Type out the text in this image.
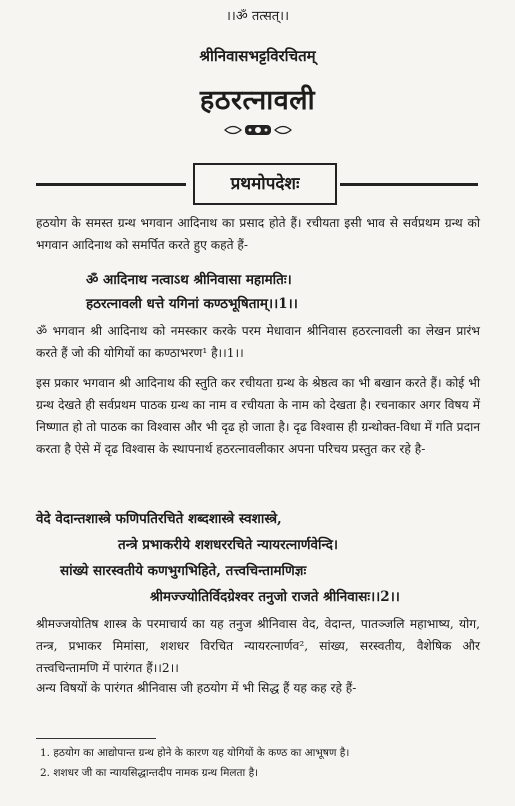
।।ॐ तत्सत्।।
श्रीनिवासभट्टविरचितम्
हठरत्नावली
प्रथमोपदेशः
हठयोग के समस्त ग्रन्थ भगवान आदिनाथ का प्रसाद होते हैं। रचीयता इसी भाव से सर्वप्रथम ग्रन्थ को भगवान आदिनाथ को समर्पित करते हुए कहते हैं-
ॐ आदिनाथ नत्वाऽथ श्रीनिवासा महामतिः।
हठरत्नावली धत्ते यगिनां कण्ठभूषिताम्।।1।।
ॐ भगवान श्री आदिनाथ को नमस्कार करके परम मेधावान श्रीनिवास हठरत्नावली का लेखन प्रारंभ करते हैं जो की योगियों का कण्ठाभरण¹ है।।1।।
इस प्रकार भगवान श्री आदिनाथ की स्तुति कर रचीयता ग्रन्थ के श्रेष्ठत्व का भी बखान करते हैं। कोई भी ग्रन्थ देखते ही सर्वप्रथम पाठक ग्रन्थ का नाम व रचीयता के नाम को देखता है। रचनाकार अगर विषय में निष्णात हो तो पाठक का विश्वास और भी दृढ हो जाता है। दृढ विश्वास ही ग्रन्थोक्त-विधा में गति प्रदान करता है ऐसे में दृढ विश्वास के स्थापनार्थ हठरत्नावलीकार अपना परिचय प्रस्तुत कर रहे है-
वेदे वेदान्तशास्त्रे फणिपतिरचिते शब्दशास्त्रे स्वशास्त्रे,
तन्त्रे प्रभाकरीये शशधररचिते न्यायरत्नार्णवेन्दि।
सांख्ये सारस्वतीये कणभुगभिहिते, तत्त्वचिन्तामणिज्ञः
श्रीमज्ज्योतिर्विदग्रेश्वर तनुजो राजते श्रीनिवासः।।2।।
श्रीमज्जयोतिष शास्त्र के परमाचार्य का यह तनुज श्रीनिवास वेद, वेदान्त, पातञ्जलि महाभाष्य, योग, तन्त्र, प्रभाकर मिमांसा, शशधर विरचित न्यायरत्नार्णव², सांख्य, सरस्वतीय, वैशेषिक और तत्त्वचिन्तामणि में पारंगत हैं।।2।।
अन्य विषयों के पारंगत श्रीनिवास जी हठयोग में भी सिद्ध हैं यह कह रहे हैं-
1. हठयोग का आद्योपान्त ग्रन्थ होने के कारण यह योगियों के कण्ठ का आभूषण है।
2. शशधर जी का न्यायसिद्धान्तदीप नामक ग्रन्थ मिलता है।
